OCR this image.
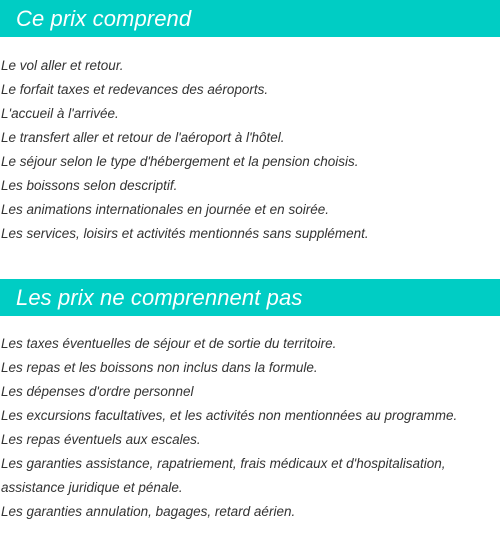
Ce prix comprend
Le vol aller et retour.
Le forfait taxes et redevances des aéroports.
L'accueil à l'arrivée.
Le transfert aller et retour de l'aéroport à l'hôtel.
Le séjour selon le type d'hébergement et la pension choisis.
Les boissons selon descriptif.
Les animations internationales en journée et en soirée.
Les services, loisirs et activités mentionnés sans supplément.
Les prix ne comprennent pas
Les taxes éventuelles de séjour et de sortie du territoire.
Les repas et les boissons non inclus dans la formule.
Les dépenses d'ordre personnel
Les excursions facultatives, et les activités non mentionnées au programme.
Les repas éventuels aux escales.
Les garanties assistance, rapatriement, frais médicaux et d'hospitalisation, assistance juridique et pénale.
Les garanties annulation, bagages, retard aérien.
